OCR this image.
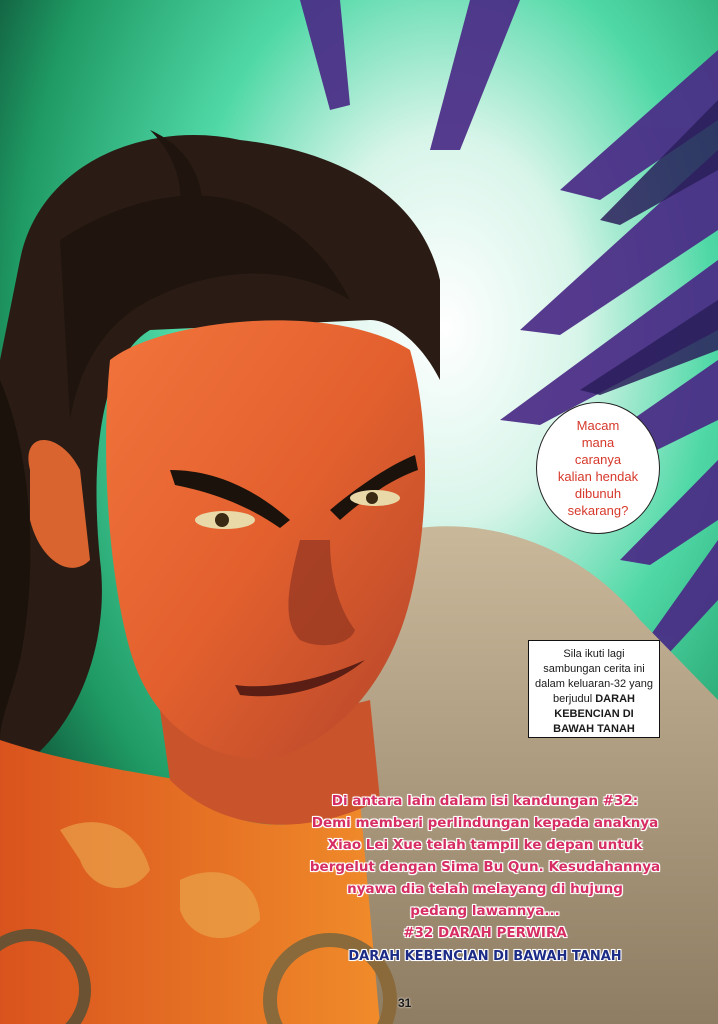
Macam
mana
caranya
kalian hendak
dibunuh
sekarang?
Sila ikuti lagi
sambungan cerita ini
dalam keluaran-32 yang
berjudul DARAH
KEBENCIAN DI
BAWAH TANAH
Di antara lain dalam isi kandungan #32:
Demi memberi perlindungan kepada anaknya
Xiao Lei Xue telah tampil ke depan untuk
bergelut dengan Sima Bu Qun. Kesudahannya
nyawa dia telah melayang di hujung
pedang lawannya...
#32 DARAH PERWIRA
DARAH KEBENCIAN DI BAWAH TANAH
31
